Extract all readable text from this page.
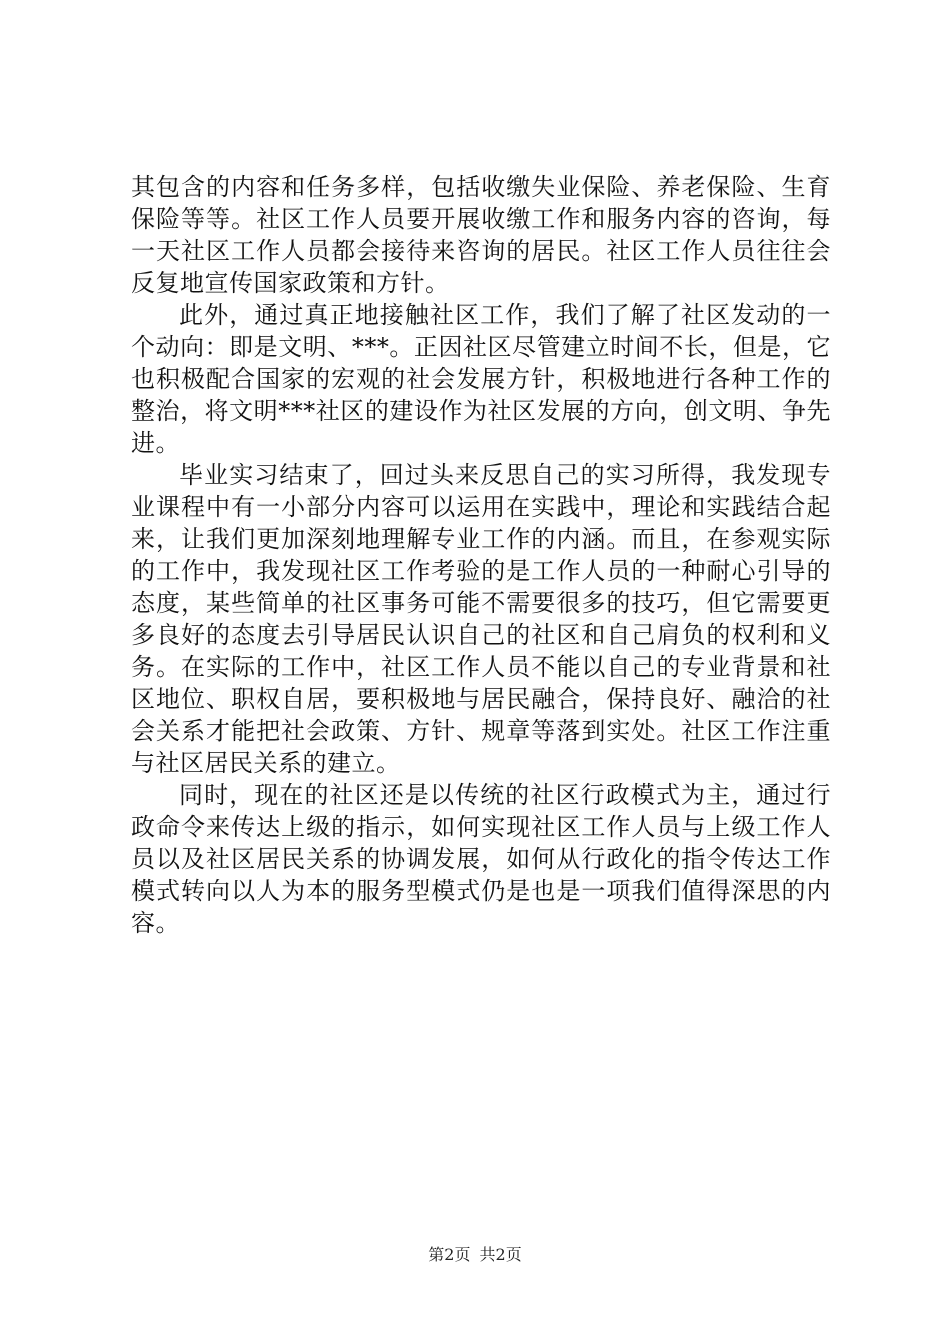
其包含的内容和任务多样，包括收缴失业保险、养老保险、生育保险等等。社区工作人员要开展收缴工作和服务内容的咨询，每一天社区工作人员都会接待来咨询的居民。社区工作人员往往会反复地宣传国家政策和方针。

此外，通过真正地接触社区工作，我们了解了社区发动的一个动向：即是文明、***。正因社区尽管建立时间不长，但是，它也积极配合国家的宏观的社会发展方针，积极地进行各种工作的整治，将文明***社区的建设作为社区发展的方向，创文明、争先进。

毕业实习结束了，回过头来反思自己的实习所得，我发现专业课程中有一小部分内容可以运用在实践中，理论和实践结合起来，让我们更加深刻地理解专业工作的内涵。而且，在参观实际的工作中，我发现社区工作考验的是工作人员的一种耐心引导的态度，某些简单的社区事务可能不需要很多的技巧，但它需要更多良好的态度去引导居民认识自己的社区和自己肩负的权利和义务。在实际的工作中，社区工作人员不能以自己的专业背景和社区地位、职权自居，要积极地与居民融合，保持良好、融洽的社会关系才能把社会政策、方针、规章等落到实处。社区工作注重与社区居民关系的建立。

同时，现在的社区还是以传统的社区行政模式为主，通过行政命令来传达上级的指示，如何实现社区工作人员与上级工作人员以及社区居民关系的协调发展，如何从行政化的指令传达工作模式转向以人为本的服务型模式仍是也是一项我们值得深思的内容。

第2页 共2页
